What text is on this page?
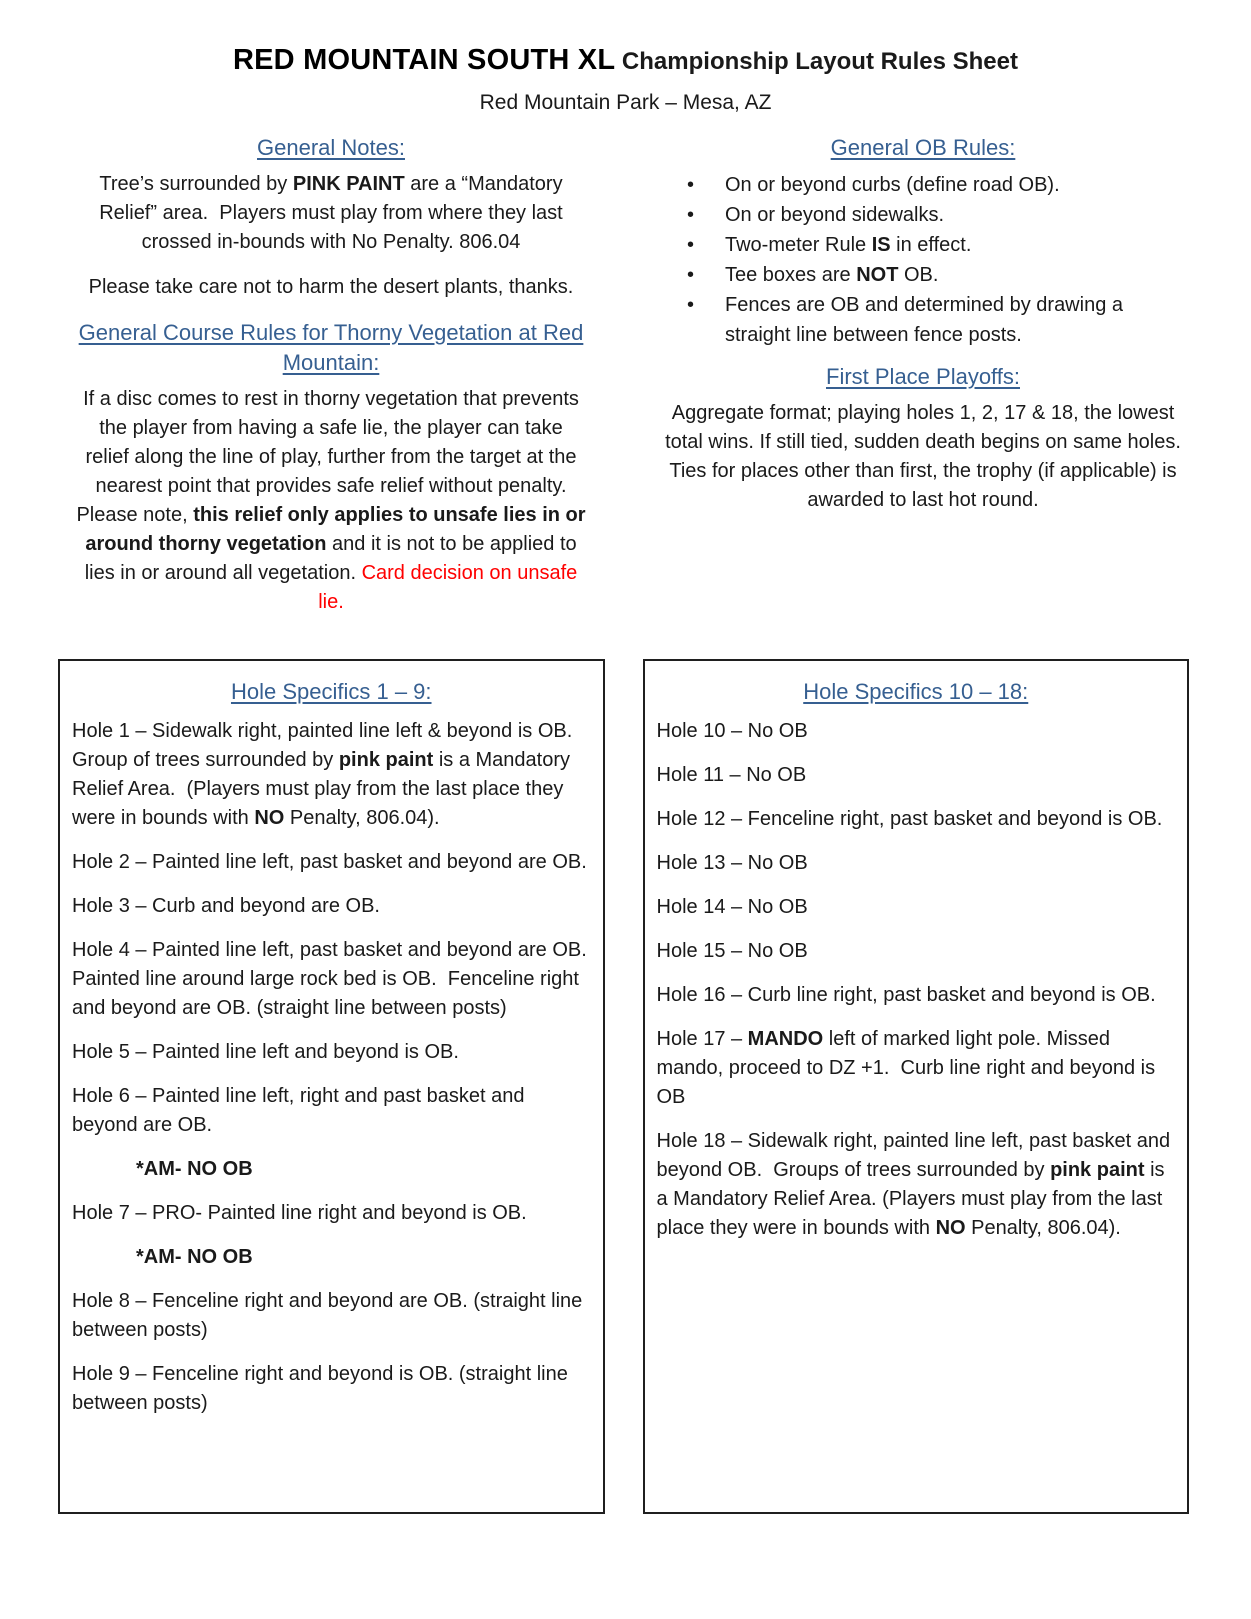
RED MOUNTAIN SOUTH XL Championship Layout Rules Sheet
Red Mountain Park – Mesa, AZ
General Notes:

Tree’s surrounded by PINK PAINT are a “Mandatory Relief” area.  Players must play from where they last crossed in-bounds with No Penalty. 806.04

Please take care not to harm the desert plants, thanks.

General Course Rules for Thorny Vegetation at Red Mountain:

If a disc comes to rest in thorny vegetation that prevents the player from having a safe lie, the player can take relief along the line of play, further from the target at the nearest point that provides safe relief without penalty. Please note, this relief only applies to unsafe lies in or around thorny vegetation and it is not to be applied to lies in or around all vegetation. Card decision on unsafe lie.

General OB Rules:
• On or beyond curbs (define road OB).
• On or beyond sidewalks.
• Two-meter Rule IS in effect.
• Tee boxes are NOT OB.
• Fences are OB and determined by drawing a straight line between fence posts.
First Place Playoffs:

Aggregate format; playing holes 1, 2, 17 & 18, the lowest total wins. If still tied, sudden death begins on same holes. Ties for places other than first, the trophy (if applicable) is awarded to last hot round.

Hole Specifics 1 – 9:

Hole 1 – Sidewalk right, painted line left & beyond is OB. Group of trees surrounded by pink paint is a Mandatory Relief Area.  (Players must play from the last place they were in bounds with NO Penalty, 806.04).

Hole 2 – Painted line left, past basket and beyond are OB.

Hole 3 – Curb and beyond are OB.

Hole 4 – Painted line left, past basket and beyond are OB.  Painted line around large rock bed is OB.  Fenceline right and beyond are OB. (straight line between posts)

Hole 5 – Painted line left and beyond is OB.

Hole 6 – Painted line left, right and past basket and beyond are OB.

*AM- NO OB

Hole 7 – PRO- Painted line right and beyond is OB.

*AM- NO OB

Hole 8 – Fenceline right and beyond are OB. (straight line between posts)

Hole 9 – Fenceline right and beyond is OB. (straight line between posts)

Hole Specifics 10 – 18:

Hole 10 – No OB

Hole 11 – No OB

Hole 12 – Fenceline right, past basket and beyond is OB.

Hole 13 – No OB

Hole 14 – No OB

Hole 15 – No OB

Hole 16 – Curb line right, past basket and beyond is OB.

Hole 17 – MANDO left of marked light pole. Missed mando, proceed to DZ +1.  Curb line right and beyond is OB

Hole 18 – Sidewalk right, painted line left, past basket and beyond OB.  Groups of trees surrounded by pink paint is a Mandatory Relief Area. (Players must play from the last place they were in bounds with NO Penalty, 806.04).
